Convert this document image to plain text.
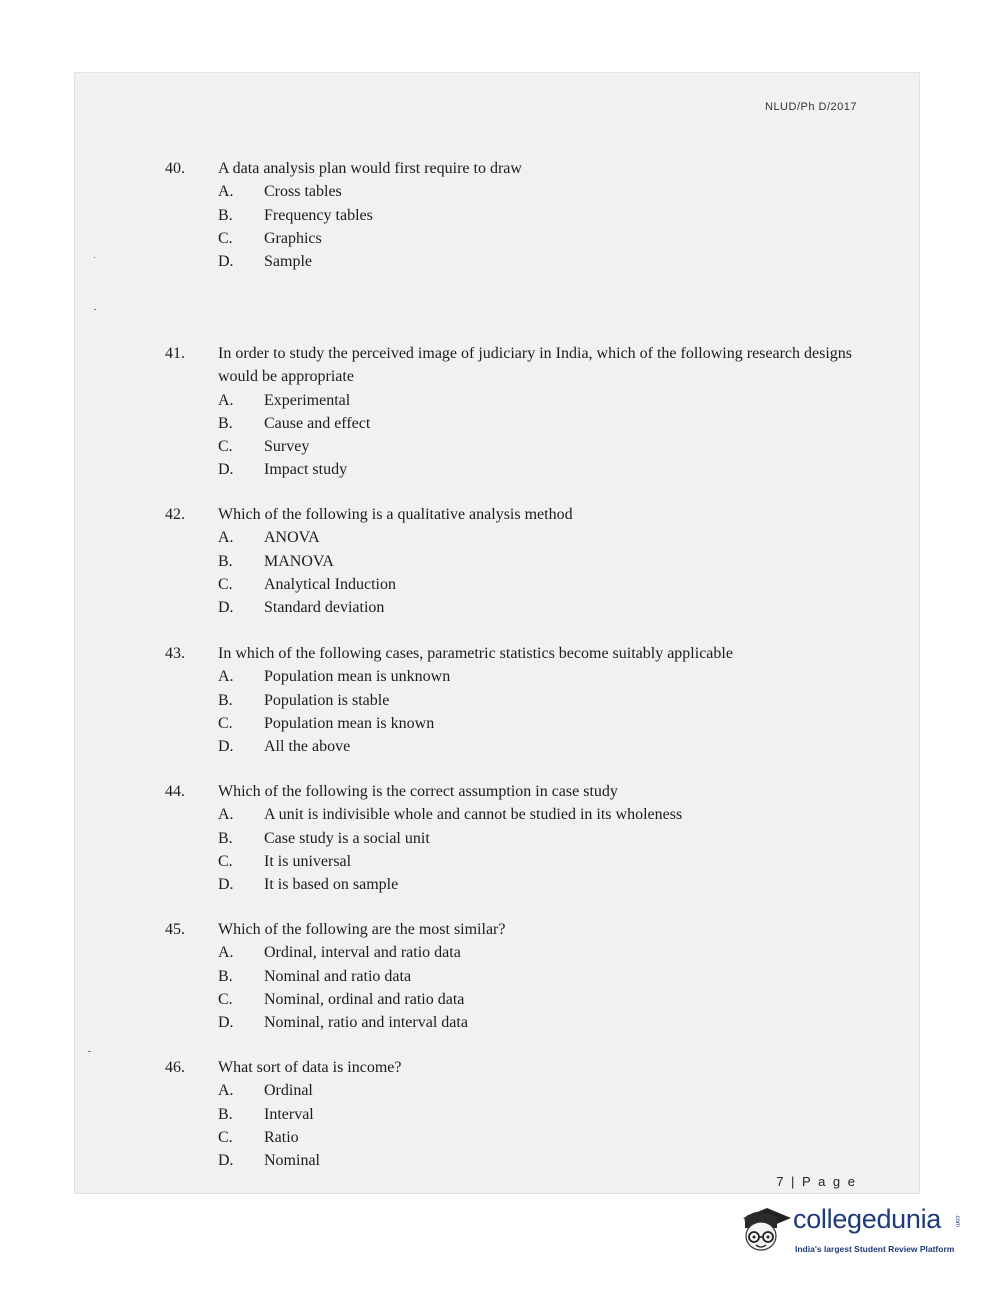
NLUD/Ph D/2017
40.	A data analysis plan would first require to draw
A.	Cross tables
B.	Frequency tables
C.	Graphics
D.	Sample
41.	In order to study the perceived image of judiciary in India, which of the following research designs would be appropriate
A.	Experimental
B.	Cause and effect
C.	Survey
D.	Impact study
42.	Which of the following is a qualitative analysis method
A.	ANOVA
B.	MANOVA
C.	Analytical Induction
D.	Standard deviation
43.	In which of the following cases, parametric statistics become suitably applicable
A.	Population mean is unknown
B.	Population is stable
C.	Population mean is known
D.	All the above
44.	Which of the following is the correct assumption in case study
A.	A unit is indivisible whole and cannot be studied in its wholeness
B.	Case study is a social unit
C.	It is universal
D.	It is based on sample
45.	Which of the following are the most similar?
A.	Ordinal, interval and ratio data
B.	Nominal and ratio data
C.	Nominal, ordinal and ratio data
D.	Nominal, ratio and interval data
46.	What sort of data is income?
A.	Ordinal
B.	Interval
C.	Ratio
D.	Nominal
7 | P a g e
collegedunia .com
India's largest Student Review Platform
